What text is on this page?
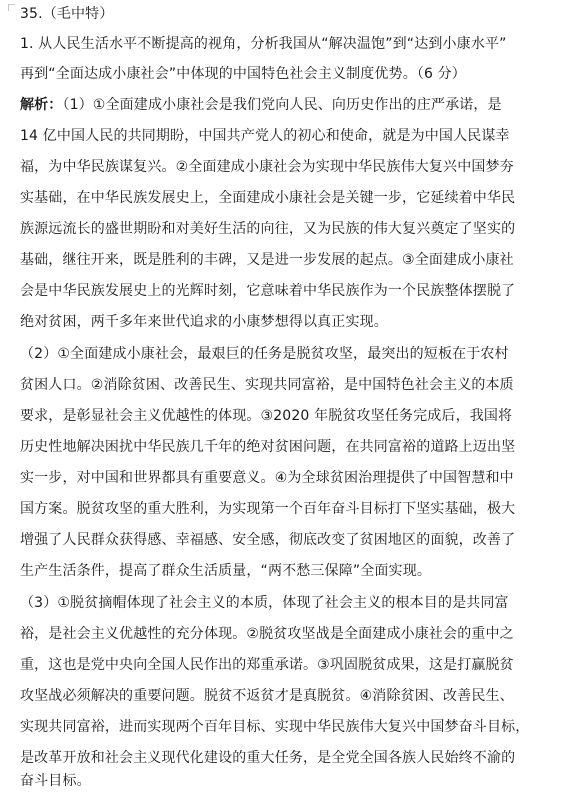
35.（毛中特）
1. 从人民生活水平不断提高的视角，分析我国从“解决温饱”到“达到小康水平”
再到“全面达成小康社会”中体现的中国特色社会主义制度优势。（6 分）
解析：（1）①全面建成小康社会是我们党向人民、向历史作出的庄严承诺，是
14 亿中国人民的共同期盼，中国共产党人的初心和使命，就是为中国人民谋幸
福，为中华民族谋复兴。②全面建成小康社会为实现中华民族伟大复兴中国梦夯
实基础，在中华民族发展史上，全面建成小康社会是关键一步，它延续着中华民
族源远流长的盛世期盼和对美好生活的向往，又为民族的伟大复兴奠定了坚实的
基础，继往开来，既是胜利的丰碑，又是进一步发展的起点。③全面建成小康社
会是中华民族发展史上的光辉时刻，它意味着中华民族作为一个民族整体摆脱了
绝对贫困，两千多年来世代追求的小康梦想得以真正实现。
（2）①全面建成小康社会，最艰巨的任务是脱贫攻坚，最突出的短板在于农村
贫困人口。②消除贫困、改善民生、实现共同富裕，是中国特色社会主义的本质
要求，是彰显社会主义优越性的体现。③2020 年脱贫攻坚任务完成后，我国将
历史性地解决困扰中华民族几千年的绝对贫困问题，在共同富裕的道路上迈出坚
实一步，对中国和世界都具有重要意义。④为全球贫困治理提供了中国智慧和中
国方案。脱贫攻坚的重大胜利，为实现第一个百年奋斗目标打下坚实基础，极大
增强了人民群众获得感、幸福感、安全感，彻底改变了贫困地区的面貌，改善了
生产生活条件，提高了群众生活质量，“两不愁三保障”全面实现。
（3）①脱贫摘帽体现了社会主义的本质，体现了社会主义的根本目的是共同富
裕，是社会主义优越性的充分体现。②脱贫攻坚战是全面建成小康社会的重中之
重，这也是党中央向全国人民作出的郑重承诺。③巩固脱贫成果，这是打赢脱贫
攻坚战必须解决的重要问题。脱贫不返贫才是真脱贫。④消除贫困、改善民生、
实现共同富裕，进而实现两个百年目标、实现中华民族伟大复兴中国梦奋斗目标，
是改革开放和社会主义现代化建设的重大任务，是全党全国各族人民始终不渝的
奋斗目标。
